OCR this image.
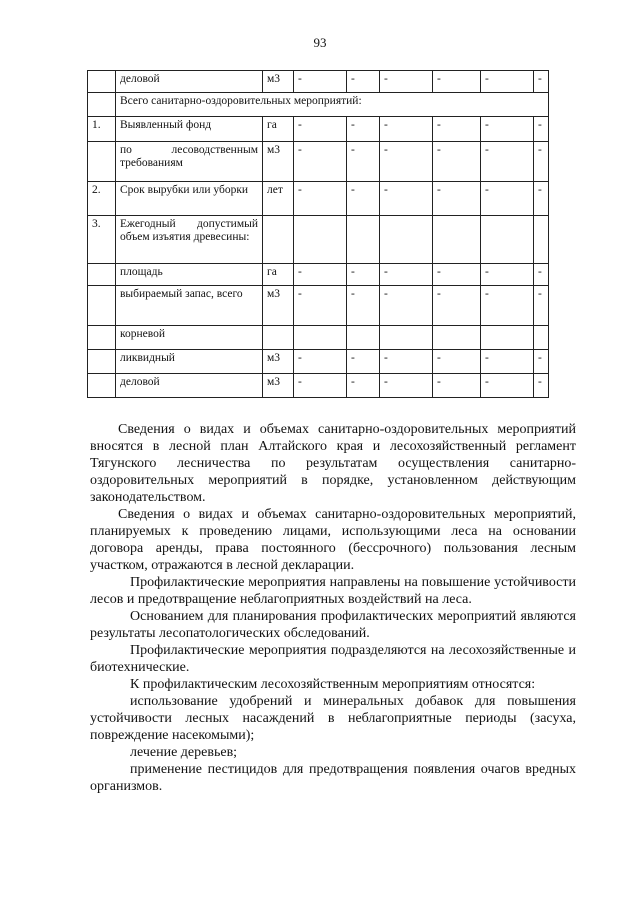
93
	деловой	м3	-	-	-	-	-	-
	Всего санитарно-оздоровительных мероприятий:							
1.	Выявленный фонд	га	-	-	-	-	-	-
	по лесоводственным требованиям	м3	-	-	-	-	-	-
2.	Срок вырубки или уборки	лет	-	-	-	-	-	-
3.	Ежегодный допустимый объем изъятия древесины:							
	площадь	га	-	-	-	-	-	-
	выбираемый запас, всего	м3	-	-	-	-	-	-
	корневой							
	ликвидный	м3	-	-	-	-	-	-
	деловой	м3	-	-	-	-	-	-

Сведения о видах и объемах санитарно-оздоровительных мероприятий вносятся в лесной план Алтайского края и лесохозяйственный регламент Тягунского лесничества по результатам осуществления санитарно-оздоровительных мероприятий в порядке, установленном действующим законодательством.

Сведения о видах и объемах санитарно-оздоровительных мероприятий, планируемых к проведению лицами, использующими леса на основании договора аренды, права постоянного (бессрочного) пользования лесным участком, отражаются в лесной декларации.

Профилактические мероприятия направлены на повышение устойчивости лесов и предотвращение неблагоприятных воздействий на леса.

Основанием для планирования профилактических мероприятий являются результаты лесопатологических обследований.

Профилактические мероприятия подразделяются на лесохозяйственные и биотехнические.

К профилактическим лесохозяйственным мероприятиям относятся:

использование удобрений и минеральных добавок для повышения устойчивости лесных насаждений в неблагоприятные периоды (засуха, повреждение насекомыми);

лечение деревьев;

применение пестицидов для предотвращения появления очагов вредных организмов.
